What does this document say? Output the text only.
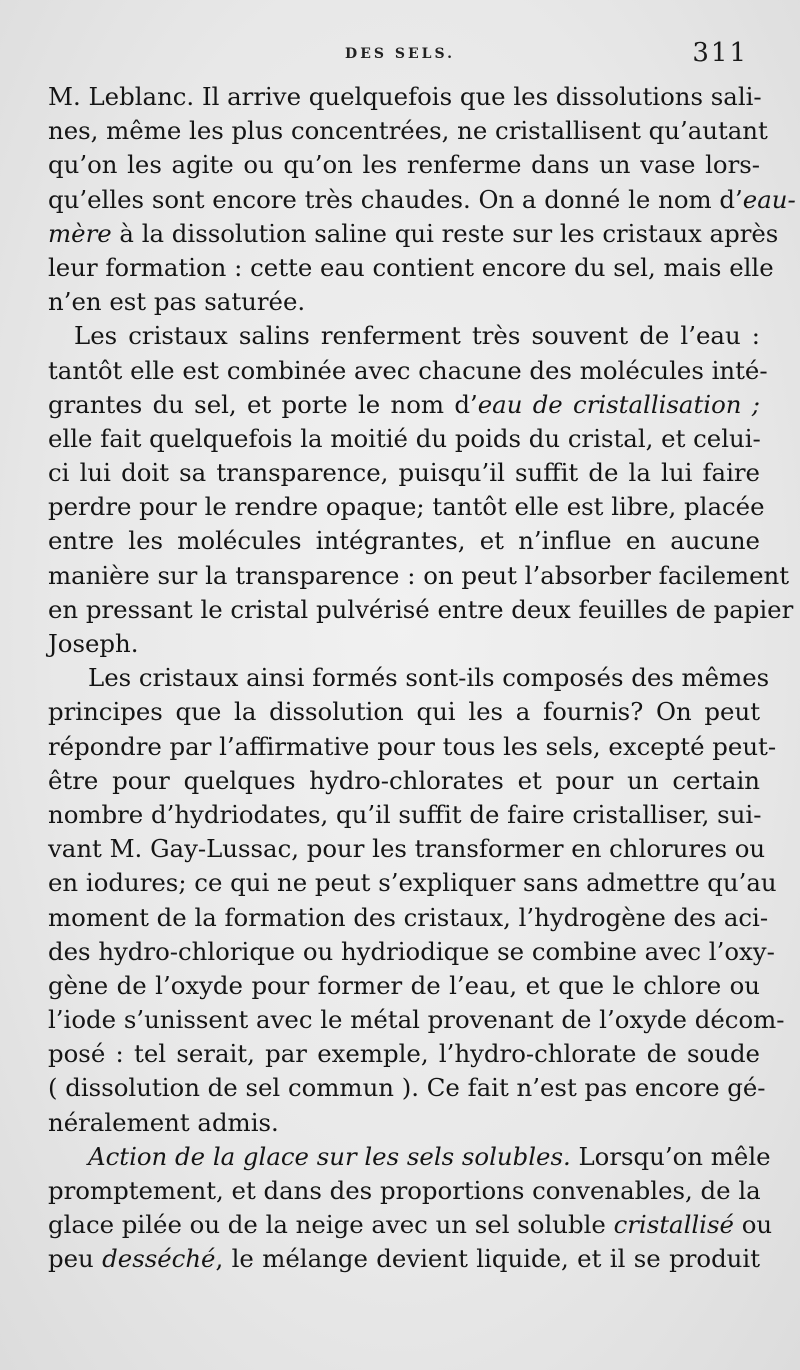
DES SELS.	311
M. Leblanc. Il arrive quelquefois que les dissolutions sali-
nes, même les plus concentrées, ne cristallisent qu’autant
qu’on les agite ou qu’on les renferme dans un vase lors-
qu’elles sont encore très chaudes. On a donné le nom d’eau-
mère à la dissolution saline qui reste sur les cristaux après
leur formation : cette eau contient encore du sel, mais elle
n’en est pas saturée.
Les cristaux salins renferment très souvent de l’eau :
tantôt elle est combinée avec chacune des molécules inté-
grantes du sel, et porte le nom d’eau de cristallisation ;
elle fait quelquefois la moitié du poids du cristal, et celui-
ci lui doit sa transparence, puisqu’il suffit de la lui faire
perdre pour le rendre opaque; tantôt elle est libre, placée
entre les molécules intégrantes, et n’influe en aucune
manière sur la transparence : on peut l’absorber facilement
en pressant le cristal pulvérisé entre deux feuilles de papier
Joseph.
Les cristaux ainsi formés sont-ils composés des mêmes
principes que la dissolution qui les a fournis? On peut
répondre par l’affirmative pour tous les sels, excepté peut-
être pour quelques hydro-chlorates et pour un certain
nombre d’hydriodates, qu’il suffit de faire cristalliser, sui-
vant M. Gay-Lussac, pour les transformer en chlorures ou
en iodures; ce qui ne peut s’expliquer sans admettre qu’au
moment de la formation des cristaux, l’hydrogène des aci-
des hydro-chlorique ou hydriodique se combine avec l’oxy-
gène de l’oxyde pour former de l’eau, et que le chlore ou
l’iode s’unissent avec le métal provenant de l’oxyde décom-
posé : tel serait, par exemple, l’hydro-chlorate de soude
( dissolution de sel commun ). Ce fait n’est pas encore gé-
néralement admis.
Action de la glace sur les sels solubles. Lorsqu’on mêle
promptement, et dans des proportions convenables, de la
glace pilée ou de la neige avec un sel soluble cristallisé ou
peu desséché, le mélange devient liquide, et il se produit
